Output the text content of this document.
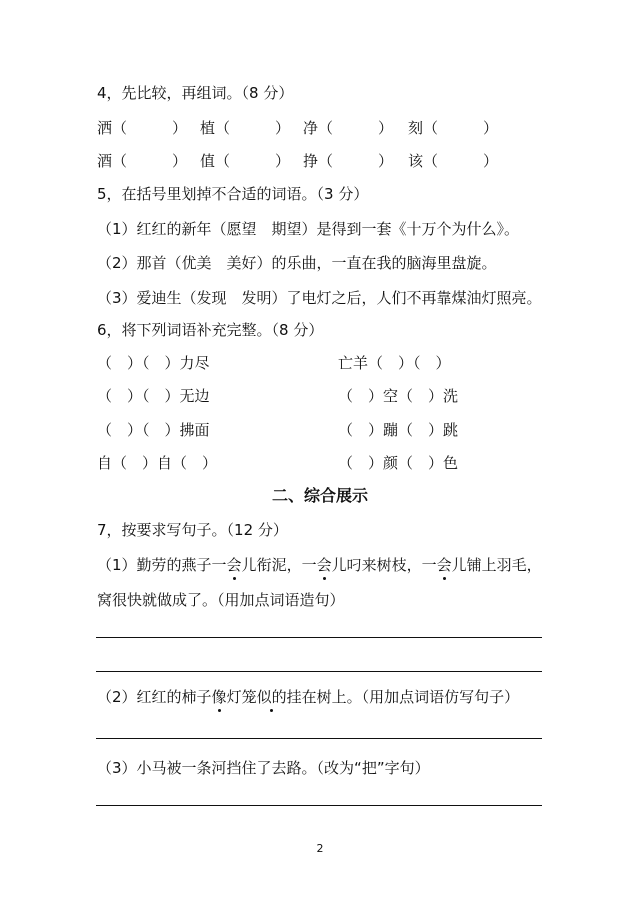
4，先比较，再组词。（8 分）
洒（　　　） 植（　　　） 净（　　　） 刻（　　　）
酒（　　　） 值（　　　） 挣（　　　） 该（　　　）
5，在括号里划掉不合适的词语。（3 分）
（1）红红的新年（愿望　期望）是得到一套《十万个为什么》。
（2）那首（优美　美好）的乐曲，一直在我的脑海里盘旋。
（3）爱迪生（发现　发明）了电灯之后，人们不再靠煤油灯照亮。
6，将下列词语补充完整。（8 分）
（　）（　）力尽	亡羊（　）（　）
（　）（　）无边	（　）空（　）洗
（　）（　）拂面	（　）蹦（　）跳
自（　）自（　）	（　）颜（　）色
二、综合展示
7，按要求写句子。（12 分）
（1）勤劳的燕子一会儿衔泥，一会儿叼来树枝，一会儿铺上羽毛，
窝很快就做成了。（用加点词语造句）
（2）红红的柿子像灯笼似的挂在树上。（用加点词语仿写句子）
（3）小马被一条河挡住了去路。（改为“把”字句）
2
